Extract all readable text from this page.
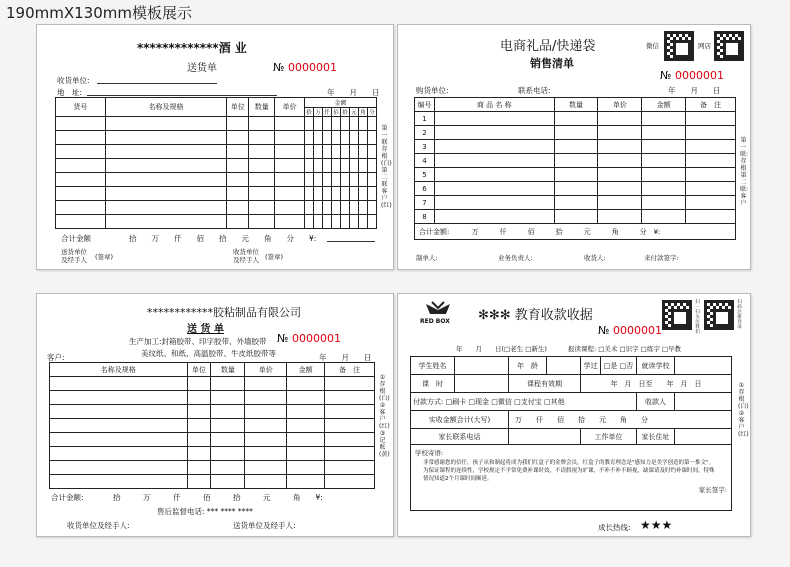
190mmX130mm模板展示
*************酒 业
送货单	№ 0000001
收货单位:
地　址:	年　　月　　日
货号	名称及规格	单位	数量	单价	金额							
					拾	万	仟	佰	拾	元	角	分

第一联存根(白)第二联客户(红)
合计金额	拾　　万　　仟　　佰　　拾　　元　　角　　分　　¥:
送货单位
及经手人 (签章)
收货单位
及经手人 (签章)
电商礼品/快递袋
销售清单
微信	网店
№ 0000001
购货单位:	联系电话:	年　　月　　日
编号	商 品 名 称	数量	单价	金额	备　注
1					
2					
3					
4					
5					
6					
7					
8					
合计金额: 万　　　仟　　　佰　　　拾　　　元　　　角　　　分　¥:					
第一联:存根 第二联:客户
制单人:	业务负责人:	收货人:	来付款签字:
************胶粘制品有限公司
送 货 单
№ 0000001
生产加工:封箱胶带、印字胶带、外墙胶带
美纹纸、和纸、高温胶带、牛皮纸胶带等
客户:	年　　月　　日
名称及规格	单位	数量	单价	金额	备　注

①存根(白)②客户(红)③记账(黄)
合计金额:	拾　　　万　　　仟　　　佰　　　拾　　　元　　　角　　¥:
售后监督电话: *** **** ****
收货单位及经手人:	送货单位及经手人:
RED BOX ✻✻✻ 教育收款收据
扫一扫 关注我们
扫码 注册登录
№ 0000001
年　　月　　日(□老生 □新生)	报读课程: □美术 □识字 □练字 □早教
学生姓名		年　龄		学过	□是 □否	就读学校	
课　时		课程有效期		年　月　日至　　年　月　日			
付款方式: □刷卡 □现金 □微信 □支付宝 □其他						收款人	
实收金额合计(大写)		万　　仟　　佰　　拾　　元　　角　　分					
家长联系电话				工作单位		家长住址	

学校寄语:
非常感谢您的信任，孩子从和制起将成为我们红盒子的金牌会员，红盒子的教育理念是"感知力是美学创造的第一推文"。为保证课程的连续性，学校规定不平常免费补课时效，不请假视为旷课，不补不补不顾视，缺课请及时约补课时间，特殊情况知道2个月课时间顺延。
家长签字:							
①存根(白)②客户(红)
成长热线: ★★★
